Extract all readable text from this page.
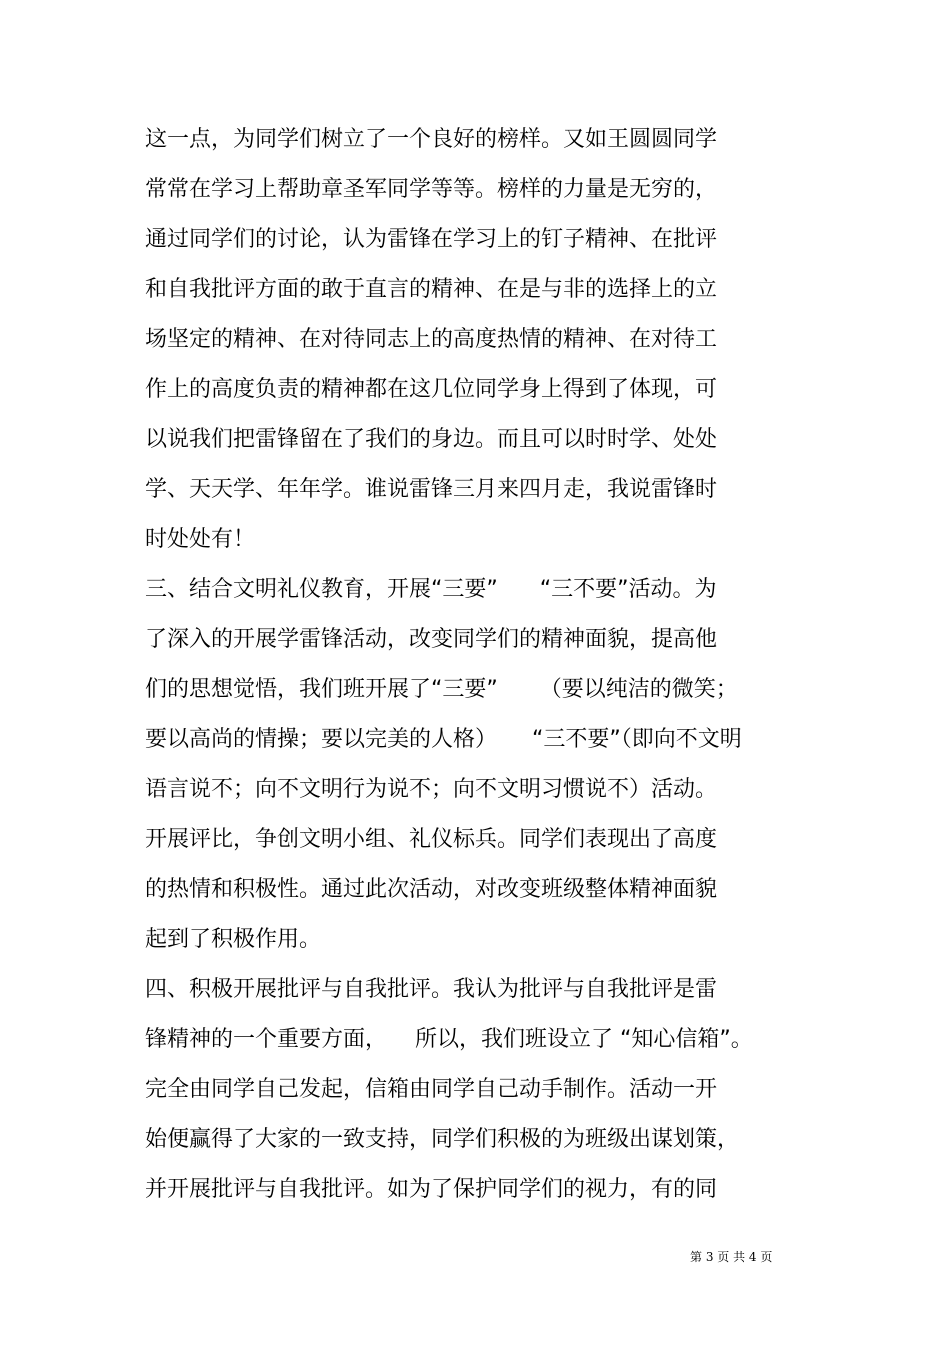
这一点，为同学们树立了一个良好的榜样。又如王圆圆同学
常常在学习上帮助章圣军同学等等。榜样的力量是无穷的，
通过同学们的讨论，认为雷锋在学习上的钉子精神、在批评
和自我批评方面的敢于直言的精神、在是与非的选择上的立
场坚定的精神、在对待同志上的高度热情的精神、在对待工
作上的高度负责的精神都在这几位同学身上得到了体现，可
以说我们把雷锋留在了我们的身边。而且可以时时学、处处
学、天天学、年年学。谁说雷锋三月来四月走，我说雷锋时
时处处有！
三、结合文明礼仪教育，开展“三要”      “三不要”活动。为
了深入的开展学雷锋活动，改变同学们的精神面貌，提高他
们的思想觉悟，我们班开展了“三要”      （要以纯洁的微笑；
要以高尚的情操；要以完美的人格）     “三不要”（即向不文明
语言说不；向不文明行为说不；向不文明习惯说不）活动。
开展评比，争创文明小组、礼仪标兵。同学们表现出了高度
的热情和积极性。通过此次活动，对改变班级整体精神面貌
起到了积极作用。
四、积极开展批评与自我批评。我认为批评与自我批评是雷
锋精神的一个重要方面，    所以，我们班设立了 “知心信箱”。
完全由同学自己发起，信箱由同学自己动手制作。活动一开
始便赢得了大家的一致支持，同学们积极的为班级出谋划策，
并开展批评与自我批评。如为了保护同学们的视力，有的同
第 3 页 共 4 页
